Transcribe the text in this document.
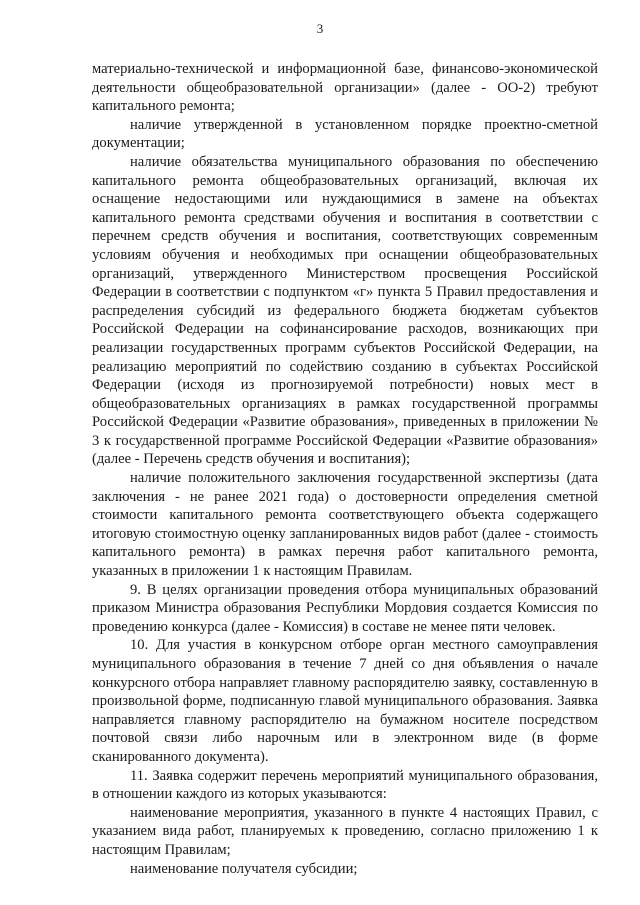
3

материально-технической и информационной базе, финансово-экономической деятельности общеобразовательной организации» (далее - ОО-2) требуют капитального ремонта;

наличие утвержденной в установленном порядке проектно-сметной документации;

наличие обязательства муниципального образования по обеспечению капитального ремонта общеобразовательных организаций, включая их оснащение недостающими или нуждающимися в замене на объектах капитального ремонта средствами обучения и воспитания в соответствии с перечнем средств обучения и воспитания, соответствующих современным условиям обучения и необходимых при оснащении общеобразовательных организаций, утвержденного Министерством просвещения Российской Федерации в соответствии с подпунктом «г» пункта 5 Правил предоставления и распределения субсидий из федерального бюджета бюджетам субъектов Российской Федерации на софинансирование расходов, возникающих при реализации государственных программ субъектов Российской Федерации, на реализацию мероприятий по содействию созданию в субъектах Российской Федерации (исходя из прогнозируемой потребности) новых мест в общеобразовательных организациях в рамках государственной программы Российской Федерации «Развитие образования», приведенных в приложении № 3 к государственной программе Российской Федерации «Развитие образования» (далее - Перечень средств обучения и воспитания);

наличие положительного заключения государственной экспертизы (дата заключения - не ранее 2021 года) о достоверности определения сметной стоимости капитального ремонта соответствующего объекта содержащего итоговую стоимостную оценку запланированных видов работ (далее - стоимость капитального ремонта) в рамках перечня работ капитального ремонта, указанных в приложении 1 к настоящим Правилам.

9. В целях организации проведения отбора муниципальных образований приказом Министра образования Республики Мордовия создается Комиссия по проведению конкурса (далее - Комиссия) в составе не менее пяти человек.

10. Для участия в конкурсном отборе орган местного самоуправления муниципального образования в течение 7 дней со дня объявления о начале конкурсного отбора направляет главному распорядителю заявку, составленную в произвольной форме, подписанную главой муниципального образования. Заявка направляется главному распорядителю на бумажном носителе посредством почтовой связи либо нарочным или в электронном виде (в форме сканированного документа).

11. Заявка содержит перечень мероприятий муниципального образования, в отношении каждого из которых указываются:

наименование мероприятия, указанного в пункте 4 настоящих Правил, с указанием вида работ, планируемых к проведению, согласно приложению 1 к настоящим Правилам;

наименование получателя субсидии;
